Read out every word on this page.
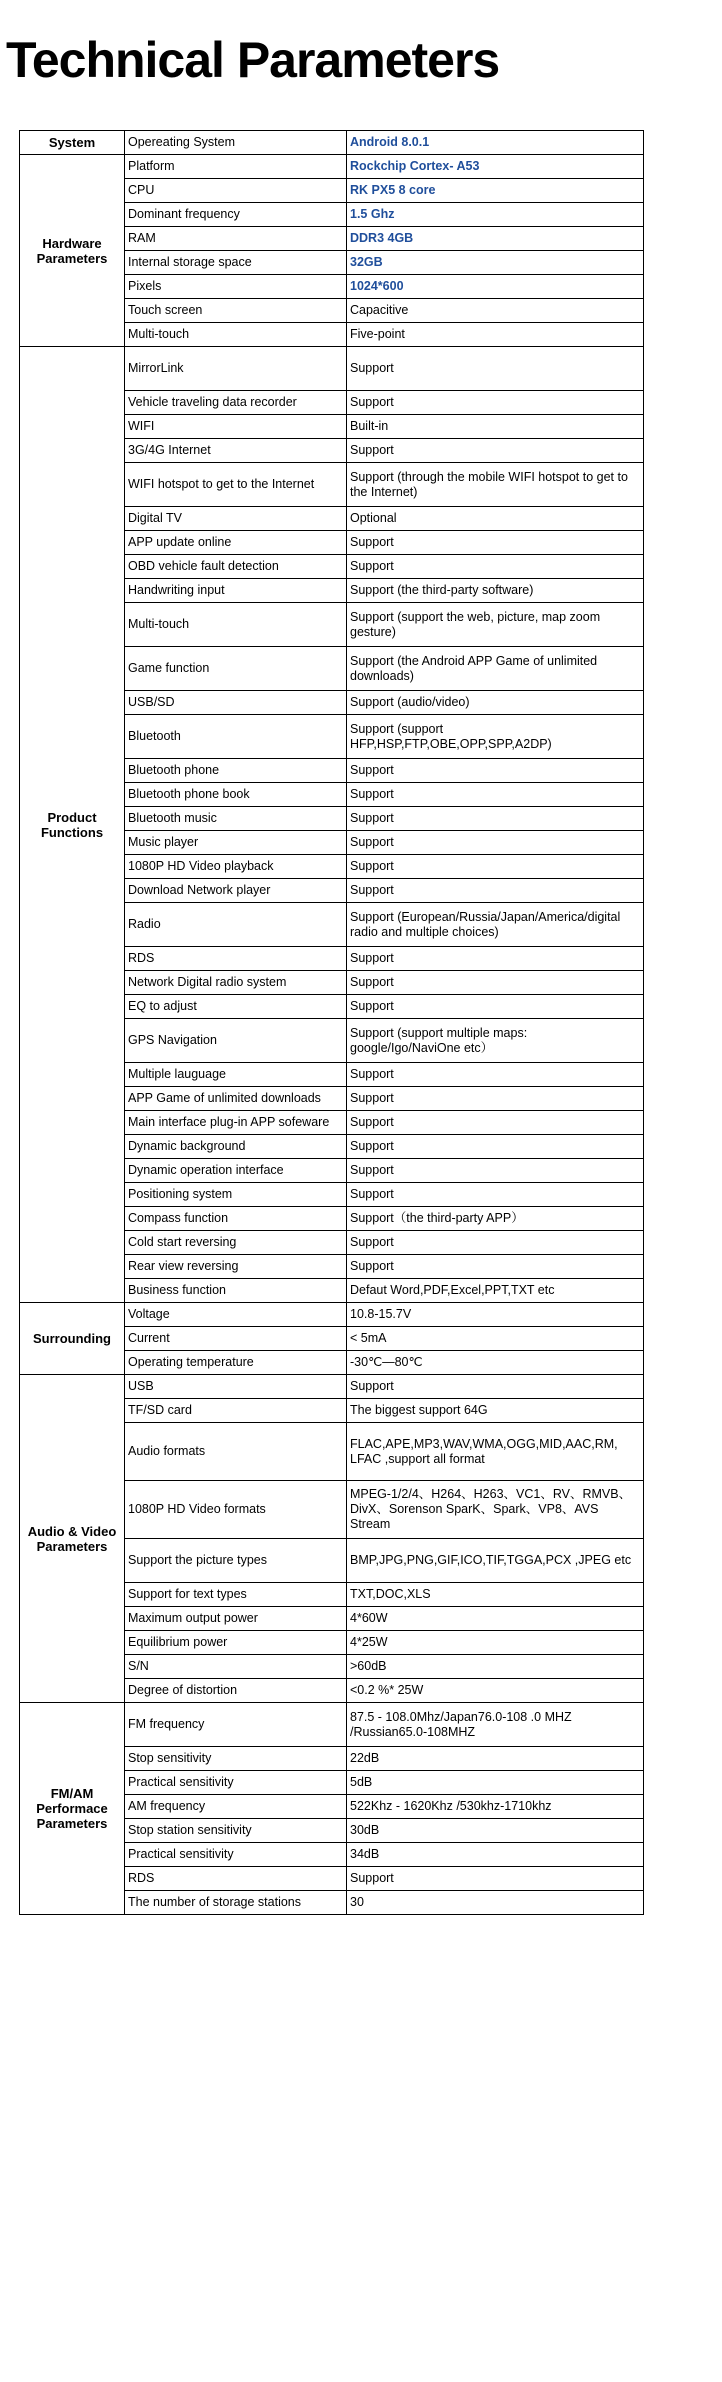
Technical Parameters
System	Opereating System	Android 8.0.1
Hardware
Parameters	Platform	Rockchip Cortex- A53
	CPU	RK PX5 8 core
	Dominant frequency	1.5 Ghz
	RAM	DDR3 4GB
	Internal storage space	32GB
	Pixels	1024*600
	Touch screen	Capacitive
	Multi-touch	Five-point
Product
Functions	MirrorLink	Support
	Vehicle traveling data recorder	Support
	WIFI	Built-in
	3G/4G Internet	Support
	WIFI hotspot to get to the Internet	Support (through the mobile WIFI hotspot to get to the Internet)
	Digital TV	Optional
	APP update online	Support
	OBD vehicle fault detection	Support
	Handwriting input	Support (the third-party software)
	Multi-touch	Support (support the web, picture, map zoom gesture)
	Game function	Support (the Android APP Game of unlimited downloads)
	USB/SD	Support (audio/video)
	Bluetooth	Support (support HFP,HSP,FTP,OBE,OPP,SPP,A2DP)
	Bluetooth phone	Support
	Bluetooth phone book	Support
	Bluetooth music	Support
	Music player	Support
	1080P HD Video playback	Support
	Download Network player	Support
	Radio	Support (European/Russia/Japan/America/digital radio and multiple choices)
	RDS	Support
	Network Digital radio system	Support
	EQ to adjust	Support
	GPS Navigation	Support (support multiple maps: google/Igo/NaviOne etc）
	Multiple lauguage	Support
	APP Game of unlimited downloads	Support
	Main interface plug-in APP sofeware	Support
	Dynamic background	Support
	Dynamic operation interface	Support
	Positioning system	Support
	Compass function	Support（the third-party APP）
	Cold start reversing	Support
	Rear view reversing	Support
	Business function	Defaut Word,PDF,Excel,PPT,TXT etc
Surrounding	Voltage	10.8-15.7V
	Current	< 5mA
	Operating temperature	-30℃—80℃
Audio & Video
Parameters	USB	Support
	TF/SD card	The biggest support 64G
	Audio formats	FLAC,APE,MP3,WAV,WMA,OGG,MID,AAC,RM, LFAC ,support all format
	1080P HD Video formats	MPEG-1/2/4、H264、H263、VC1、RV、RMVB、DivX、Sorenson SparK、Spark、VP8、AVS Stream
	Support the picture types	BMP,JPG,PNG,GIF,ICO,TIF,TGGA,PCX ,JPEG etc
	Support for text types	TXT,DOC,XLS
	Maximum output power	4*60W
	Equilibrium power	4*25W
	S/N	>60dB
	Degree of distortion	<0.2 %* 25W
FM/AM
Performace
Parameters	FM frequency	87.5 - 108.0Mhz/Japan76.0-108 .0 MHZ /Russian65.0-108MHZ
	Stop sensitivity	22dB
	Practical sensitivity	5dB
	AM frequency	522Khz - 1620Khz /530khz-1710khz
	Stop station sensitivity	30dB
	Practical sensitivity	34dB
	RDS	Support
	The number of storage stations	30
